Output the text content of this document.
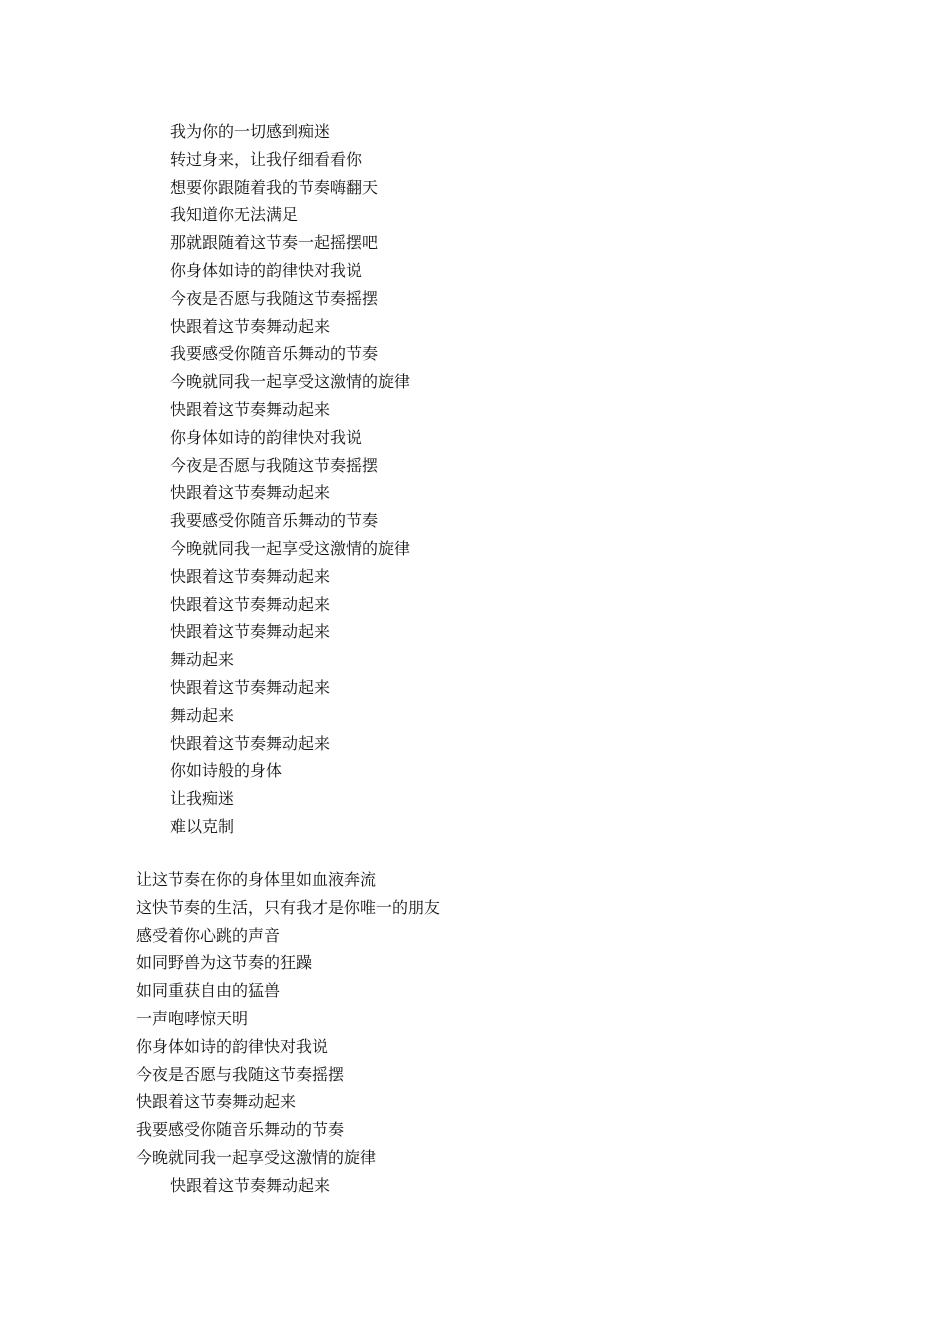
我为你的一切感到痴迷
转过身来，让我仔细看看你
想要你跟随着我的节奏嗨翻天
我知道你无法满足
那就跟随着这节奏一起摇摆吧
你身体如诗的韵律快对我说
今夜是否愿与我随这节奏摇摆
快跟着这节奏舞动起来
我要感受你随音乐舞动的节奏
今晚就同我一起享受这激情的旋律
快跟着这节奏舞动起来
你身体如诗的韵律快对我说
今夜是否愿与我随这节奏摇摆
快跟着这节奏舞动起来
我要感受你随音乐舞动的节奏
今晚就同我一起享受这激情的旋律
快跟着这节奏舞动起来
快跟着这节奏舞动起来
快跟着这节奏舞动起来
舞动起来
快跟着这节奏舞动起来
舞动起来
快跟着这节奏舞动起来
你如诗般的身体
让我痴迷
难以克制
让这节奏在你的身体里如血液奔流
这快节奏的生活，只有我才是你唯一的朋友
感受着你心跳的声音
如同野兽为这节奏的狂躁
如同重获自由的猛兽
一声咆哮惊天明
你身体如诗的韵律快对我说
今夜是否愿与我随这节奏摇摆
快跟着这节奏舞动起来
我要感受你随音乐舞动的节奏
今晚就同我一起享受这激情的旋律
快跟着这节奏舞动起来
